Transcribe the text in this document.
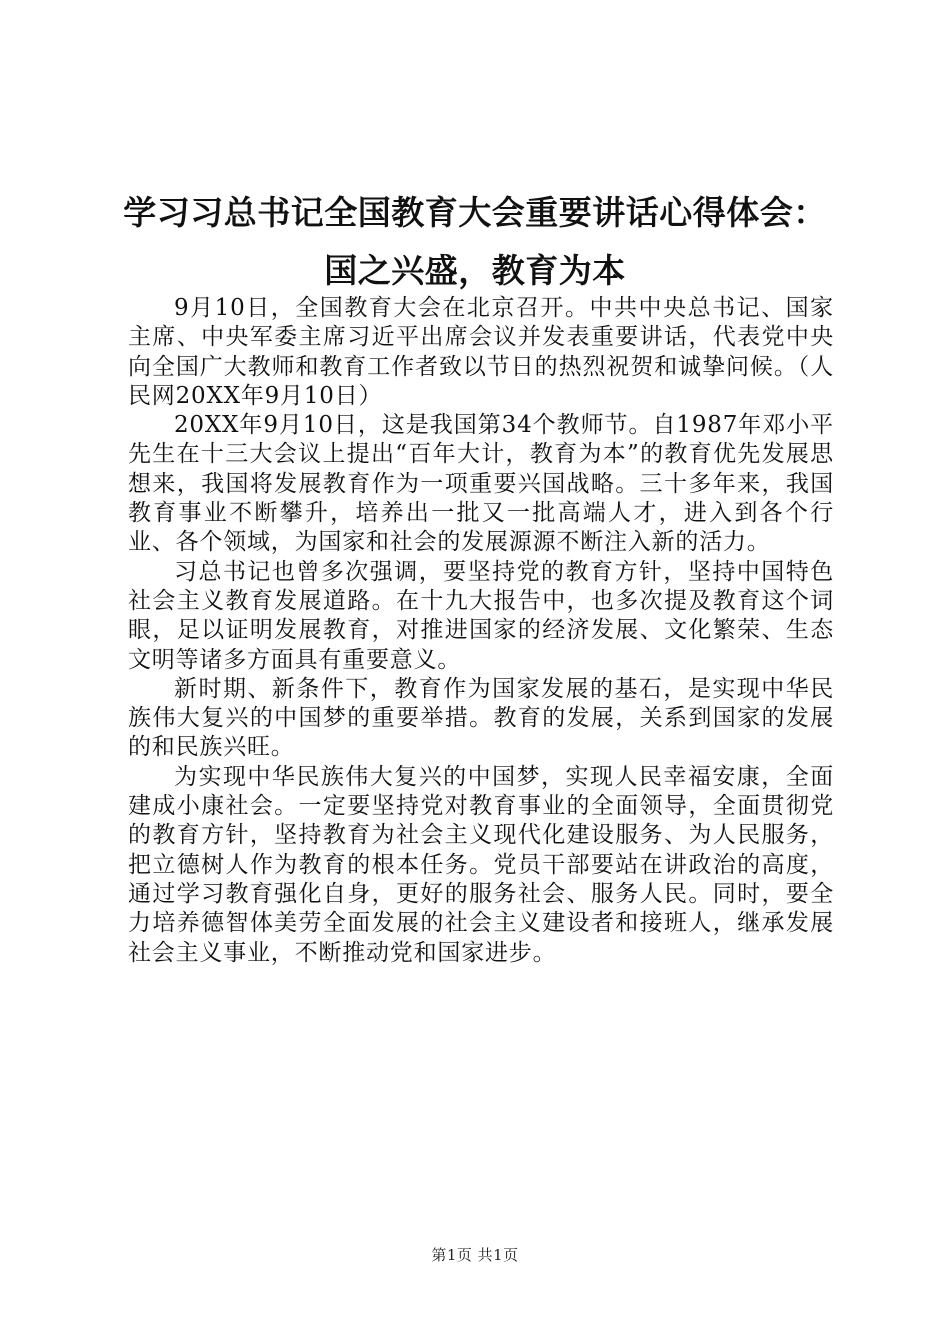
学习习总书记全国教育大会重要讲话心得体会：
国之兴盛，教育为本

9月10日，全国教育大会在北京召开。中共中央总书记、国家主席、中央军委主席习近平出席会议并发表重要讲话，代表党中央向全国广大教师和教育工作者致以节日的热烈祝贺和诚挚问候。（人民网20XX年9月10日）

20XX年9月10日，这是我国第34个教师节。自1987年邓小平先生在十三大会议上提出“百年大计，教育为本”的教育优先发展思想来，我国将发展教育作为一项重要兴国战略。三十多年来，我国教育事业不断攀升，培养出一批又一批高端人才，进入到各个行业、各个领域，为国家和社会的发展源源不断注入新的活力。

习总书记也曾多次强调，要坚持党的教育方针，坚持中国特色社会主义教育发展道路。在十九大报告中，也多次提及教育这个词眼，足以证明发展教育，对推进国家的经济发展、文化繁荣、生态文明等诸多方面具有重要意义。

新时期、新条件下，教育作为国家发展的基石，是实现中华民族伟大复兴的中国梦的重要举措。教育的发展，关系到国家的发展的和民族兴旺。

为实现中华民族伟大复兴的中国梦，实现人民幸福安康，全面建成小康社会。一定要坚持党对教育事业的全面领导，全面贯彻党的教育方针，坚持教育为社会主义现代化建设服务、为人民服务，把立德树人作为教育的根本任务。党员干部要站在讲政治的高度，通过学习教育强化自身，更好的服务社会、服务人民。同时，要全力培养德智体美劳全面发展的社会主义建设者和接班人，继承发展社会主义事业，不断推动党和国家进步。

第1页 共1页
